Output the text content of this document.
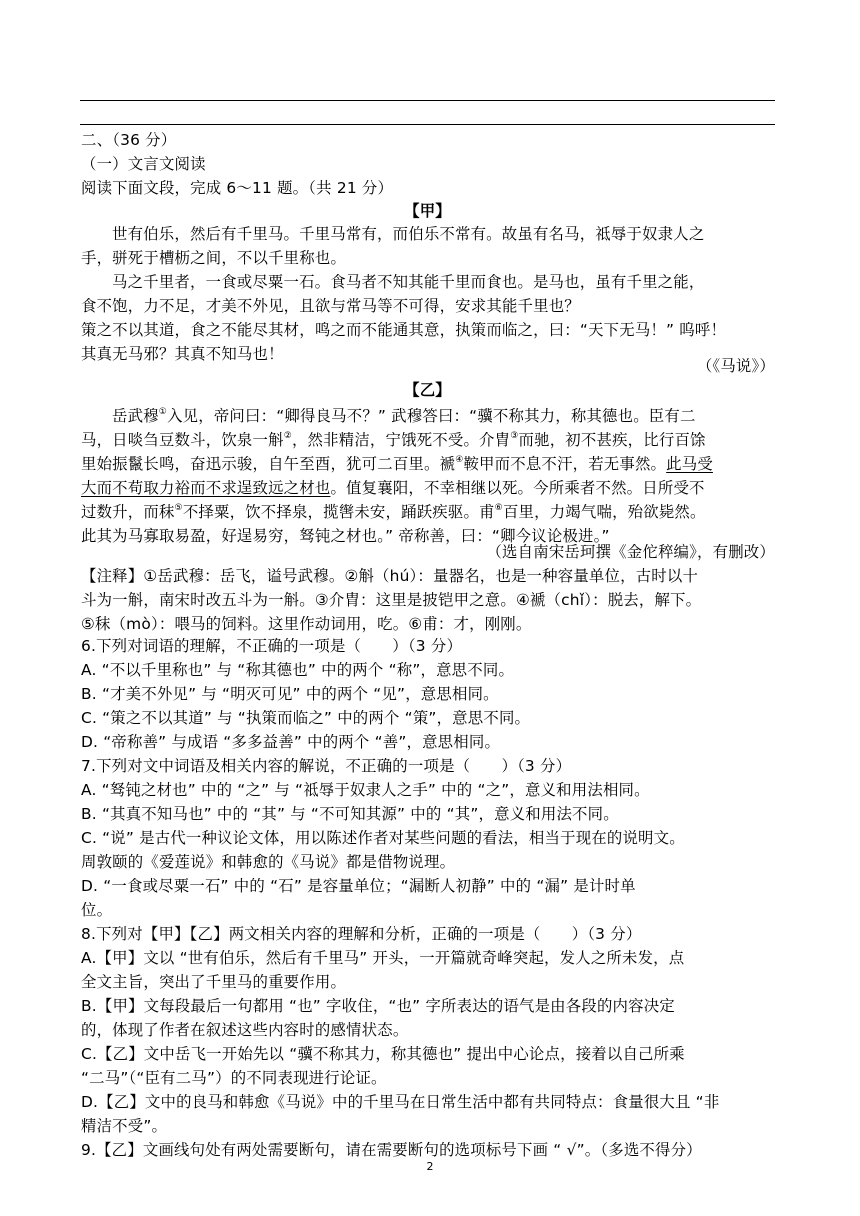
二、（36 分）
（一）文言文阅读
阅读下面文段，完成 6～11 题。（共 21 分）
【甲】
世有伯乐，然后有千里马。千里马常有，而伯乐不常有。故虽有名马，祗辱于奴隶人之
手，骈死于槽枥之间，不以千里称也。
马之千里者，一食或尽粟一石。食马者不知其能千里而食也。是马也，虽有千里之能，
食不饱，力不足，才美不外见，且欲与常马等不可得，安求其能千里也？
策之不以其道，食之不能尽其材，鸣之而不能通其意，执策而临之，曰：“天下无马！” 呜呼！
其真无马邪？其真不知马也！
（《马说》）
【乙】
岳武穆①入见，帝问曰：“卿得良马不？” 武穆答曰：“骥不称其力，称其德也。臣有二
马，日啖刍豆数斗，饮泉一斛②，然非精洁，宁饿死不受。介胄③而驰，初不甚疾，比行百馀
里始振鬣长鸣，奋迅示骏，自午至酉，犹可二百里。褫④鞍甲而不息不汗，若无事然。此马受
大而不苟取力裕而不求逞致远之材也。值复襄阳，不幸相继以死。今所乘者不然。日所受不
过数升，而秣⑤不择粟，饮不择泉，揽辔未安，踊跃疾驱。甫⑥百里，力竭气喘，殆欲毙然。
此其为马寡取易盈，好逞易穷，驽钝之材也。” 帝称善，曰：“卿今议论极进。”
（选自南宋岳珂撰《金佗稡编》，有删改）
【注释】①岳武穆：岳飞，谥号武穆。②斛（hú）：量器名，也是一种容量单位，古时以十
斗为一斛，南宋时改五斗为一斛。③介胄：这里是披铠甲之意。④褫（chǐ）：脱去，解下。
⑤秣（mò）：喂马的饲料。这里作动词用，吃。⑥甫：才，刚刚。
6.下列对词语的理解，不正确的一项是（　　）（3 分）
A. “不以千里称也” 与 “称其德也” 中的两个 “称”，意思不同。
B. “才美不外见” 与 “明灭可见” 中的两个 “见”，意思相同。
C. “策之不以其道” 与 “执策而临之” 中的两个 “策”，意思不同。
D. “帝称善” 与成语 “多多益善” 中的两个 “善”，意思相同。
7.下列对文中词语及相关内容的解说，不正确的一项是（　　）（3 分）
A. “驽钝之材也” 中的 “之” 与 “祗辱于奴隶人之手” 中的 “之”，意义和用法相同。
B. “其真不知马也” 中的 “其” 与 “不可知其源” 中的 “其”，意义和用法不同。
C. “说” 是古代一种议论文体，用以陈述作者对某些问题的看法，相当于现在的说明文。
周敦颐的《爱莲说》和韩愈的《马说》都是借物说理。
D. “一食或尽粟一石” 中的 “石” 是容量单位；“漏断人初静” 中的 “漏” 是计时单
位。
8.下列对【甲】【乙】两文相关内容的理解和分析，正确的一项是（　　）（3 分）
A.【甲】文以 “世有伯乐，然后有千里马” 开头，一开篇就奇峰突起，发人之所未发，点
全文主旨，突出了千里马的重要作用。
B.【甲】文每段最后一句都用 “也” 字收住，“也” 字所表达的语气是由各段的内容决定
的，体现了作者在叙述这些内容时的感情状态。
C.【乙】文中岳飞一开始先以 “骥不称其力，称其德也” 提出中心论点，接着以自己所乘
“二马”（“臣有二马”）的不同表现进行论证。
D.【乙】文中的良马和韩愈《马说》中的千里马在日常生活中都有共同特点：食量很大且 “非
精洁不受”。
9.【乙】文画线句处有两处需要断句，请在需要断句的选项标号下画 “ √”。（多选不得分）
2
